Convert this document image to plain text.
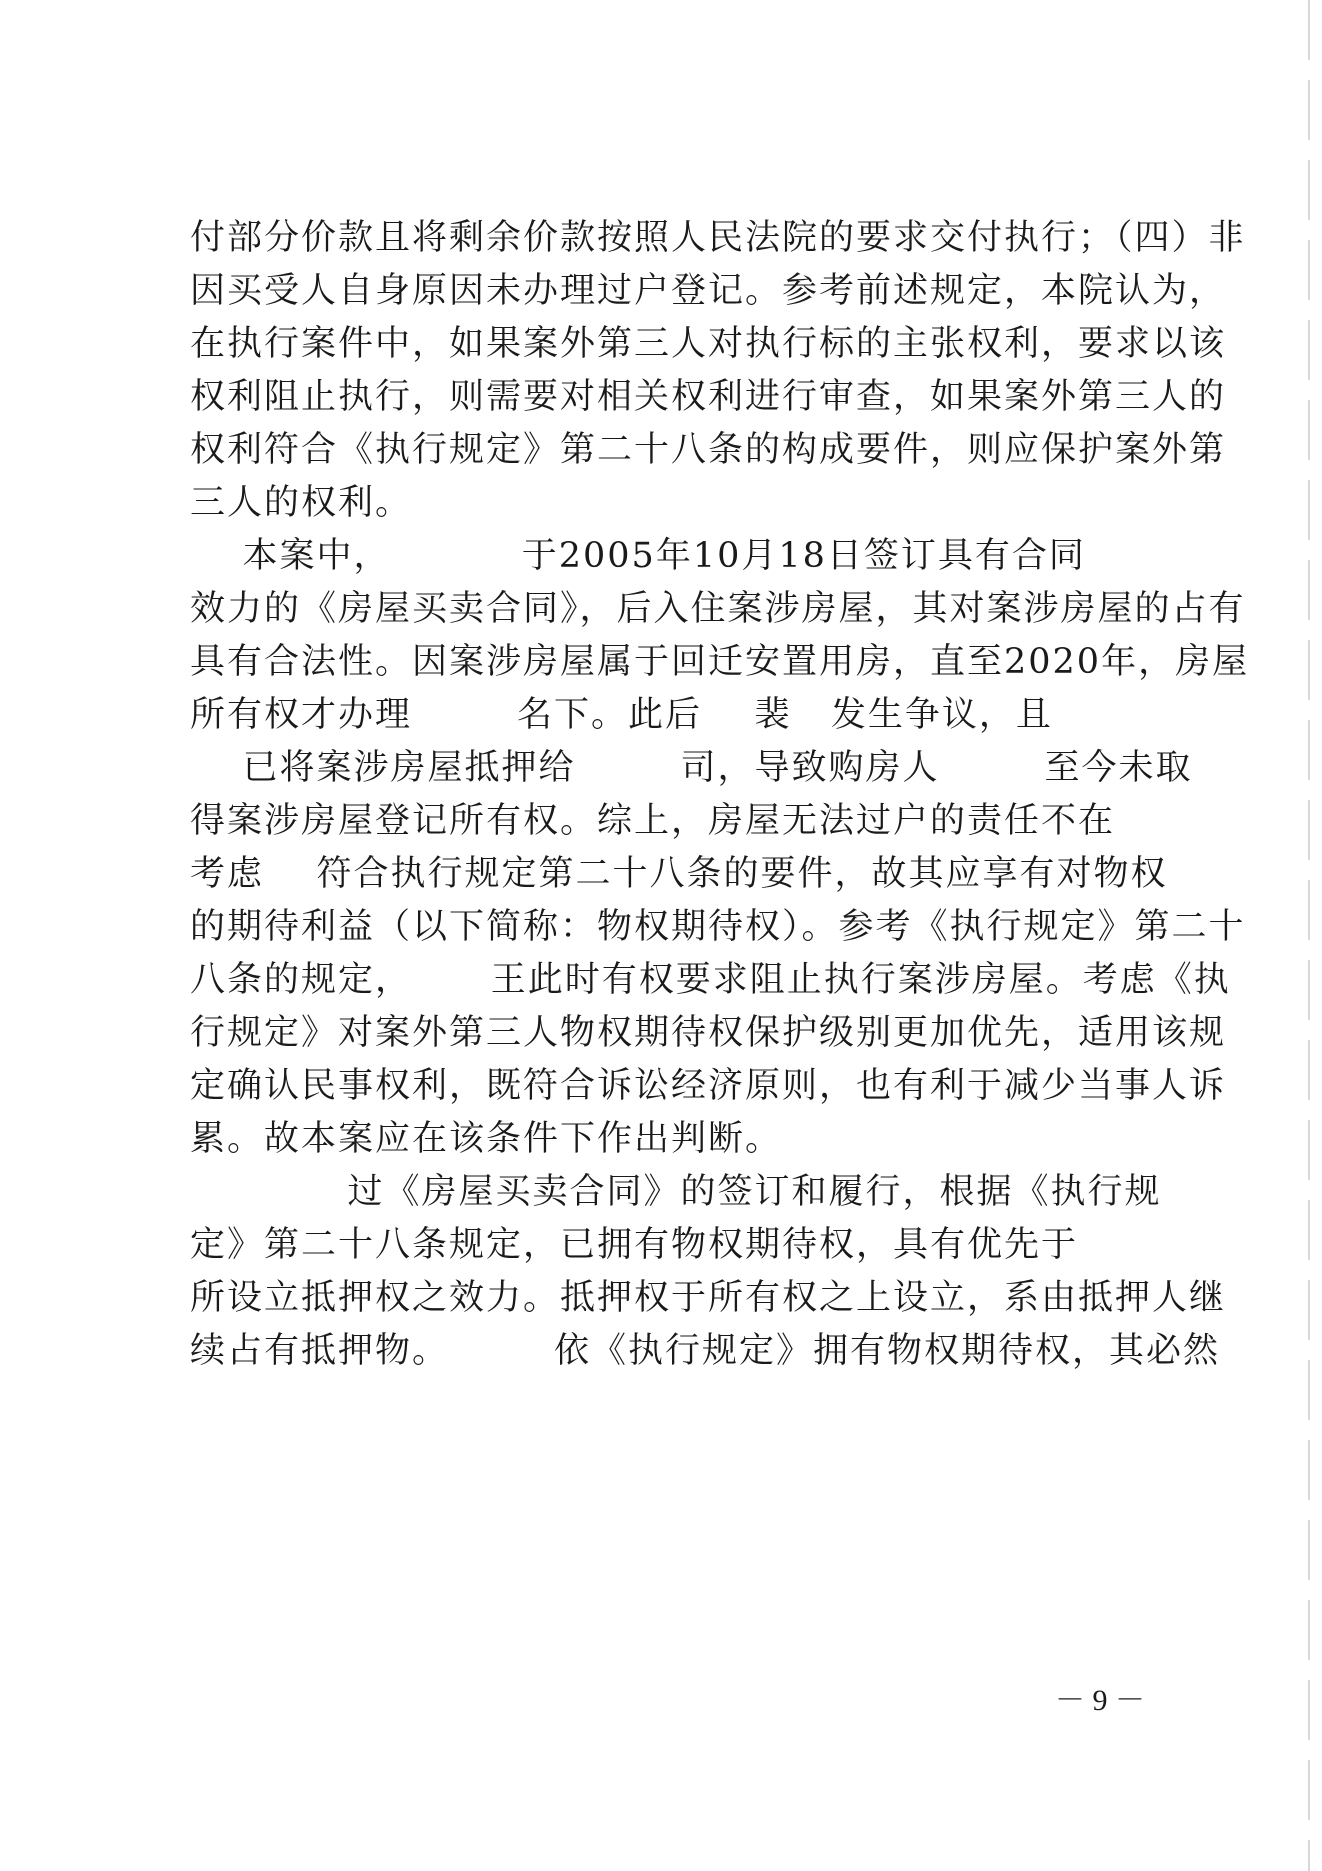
付部分价款且将剩余价款按照人民法院的要求交付执行；（四）非
因买受人自身原因未办理过户登记。参考前述规定，本院认为，
在执行案件中，如果案外第三人对执行标的主张权利，要求以该
权利阻止执行，则需要对相关权利进行审查，如果案外第三人的
权利符合《执行规定》第二十八条的构成要件，则应保护案外第
三人的权利。
本案中，          于2005年10月18日签订具有合同
效力的《房屋买卖合同》，后入住案涉房屋，其对案涉房屋的占有
具有合法性。因案涉房屋属于回迁安置用房，直至2020年，房屋
所有权才办理        名下。此后    裴   发生争议，且
已将案涉房屋抵押给        司，导致购房人        至今未取
得案涉房屋登记所有权。综上，房屋无法过户的责任不在
考虑    符合执行规定第二十八条的要件，故其应享有对物权
的期待利益（以下简称：物权期待权）。参考《执行规定》第二十
八条的规定，      王此时有权要求阻止执行案涉房屋。考虑《执
行规定》对案外第三人物权期待权保护级别更加优先，适用该规
定确认民事权利，既符合诉讼经济原则，也有利于减少当事人诉
累。故本案应在该条件下作出判断。
过《房屋买卖合同》的签订和履行，根据《执行规
定》第二十八条规定，已拥有物权期待权，具有优先于
所设立抵押权之效力。抵押权于所有权之上设立，系由抵押人继
续占有抵押物。        依《执行规定》拥有物权期待权，其必然
－ 9 －
